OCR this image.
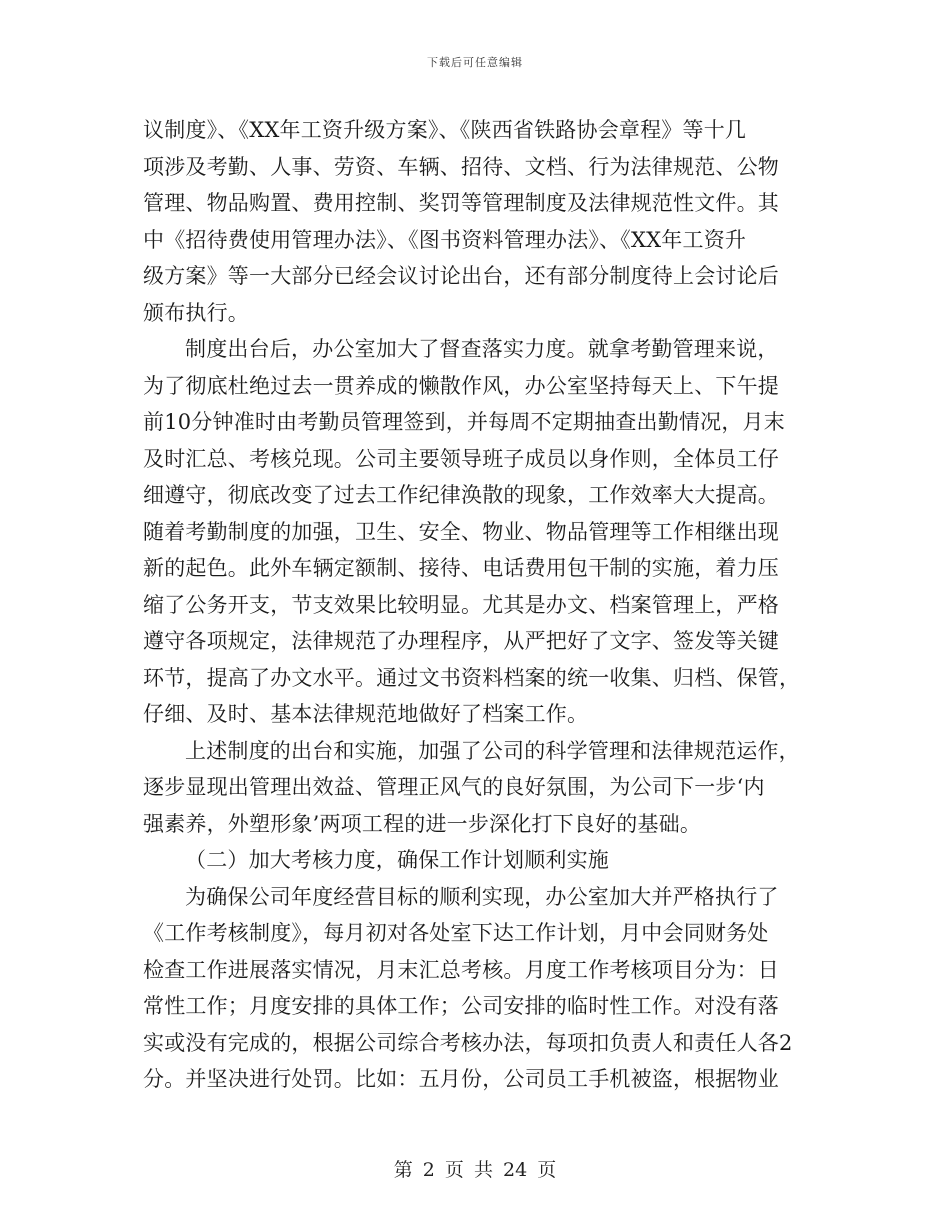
下载后可任意编辑
议制度》、《XX年工资升级方案》、《陕西省铁路协会章程》等十几
项涉及考勤、人事、劳资、车辆、招待、文档、行为法律规范、公物
管理、物品购置、费用控制、奖罚等管理制度及法律规范性文件。其
中《招待费使用管理办法》、《图书资料管理办法》、《XX年工资升
级方案》等一大部分已经会议讨论出台，还有部分制度待上会讨论后
颁布执行。
制度出台后，办公室加大了督查落实力度。就拿考勤管理来说，
为了彻底杜绝过去一贯养成的懒散作风，办公室坚持每天上、下午提
前10分钟准时由考勤员管理签到，并每周不定期抽查出勤情况，月末
及时汇总、考核兑现。公司主要领导班子成员以身作则，全体员工仔
细遵守，彻底改变了过去工作纪律涣散的现象，工作效率大大提高。
随着考勤制度的加强，卫生、安全、物业、物品管理等工作相继出现
新的起色。此外车辆定额制、接待、电话费用包干制的实施，着力压
缩了公务开支，节支效果比较明显。尤其是办文、档案管理上，严格
遵守各项规定，法律规范了办理程序，从严把好了文字、签发等关键
环节，提高了办文水平。通过文书资料档案的统一收集、归档、保管，
仔细、及时、基本法律规范地做好了档案工作。
上述制度的出台和实施，加强了公司的科学管理和法律规范运作，
逐步显现出管理出效益、管理正风气的良好氛围，为公司下一步‘内
强素养，外塑形象’两项工程的进一步深化打下良好的基础。
（二）加大考核力度，确保工作计划顺利实施
为确保公司年度经营目标的顺利实现，办公室加大并严格执行了
《工作考核制度》，每月初对各处室下达工作计划，月中会同财务处
检查工作进展落实情况，月末汇总考核。月度工作考核项目分为：日
常性工作；月度安排的具体工作；公司安排的临时性工作。对没有落
实或没有完成的，根据公司综合考核办法，每项扣负责人和责任人各2
分。并坚决进行处罚。比如：五月份，公司员工手机被盗，根据物业
第 2 页 共 24 页
